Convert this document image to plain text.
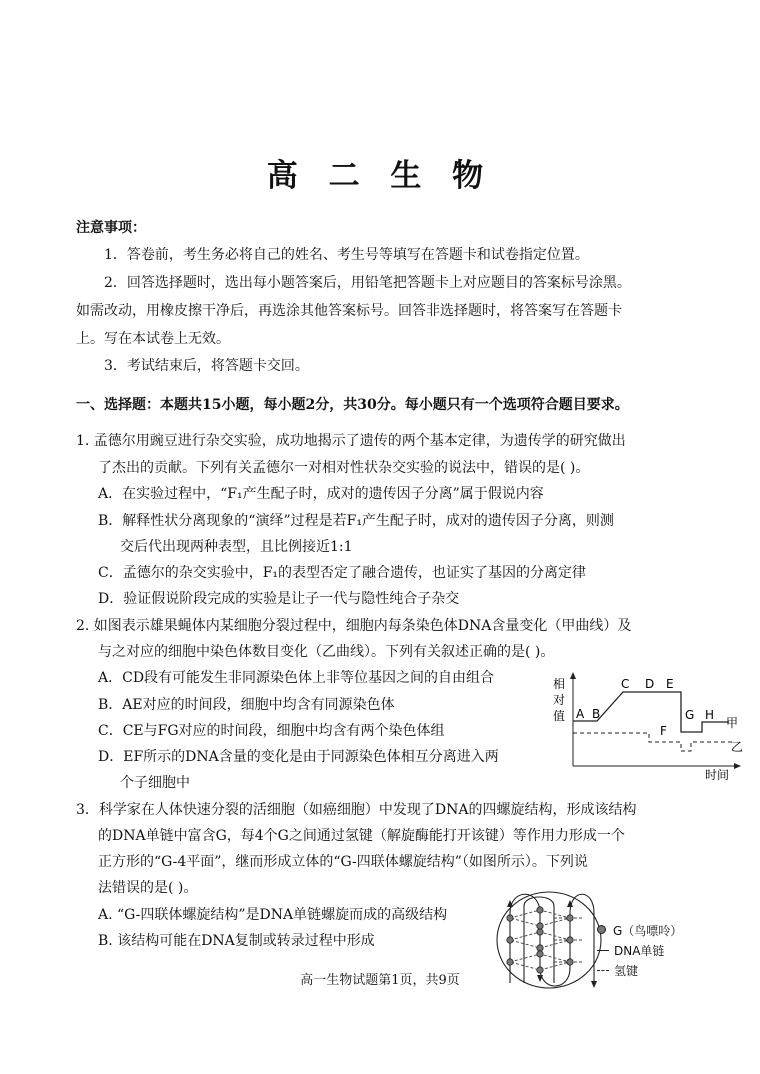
高 二 生 物
注意事项：
1．答卷前，考生务必将自己的姓名、考生号等填写在答题卡和试卷指定位置。
2．回答选择题时，选出每小题答案后，用铅笔把答题卡上对应题目的答案标号涂黑。
如需改动，用橡皮擦干净后，再选涂其他答案标号。回答非选择题时，将答案写在答题卡
上。写在本试卷上无效。
3．考试结束后，将答题卡交回。
一、选择题：本题共15小题，每小题2分，共30分。每小题只有一个选项符合题目要求。
1. 孟德尔用豌豆进行杂交实验，成功地揭示了遗传的两个基本定律，为遗传学的研究做出
了杰出的贡献。下列有关孟德尔一对相对性状杂交实验的说法中，错误的是( )。
A．在实验过程中，“F₁产生配子时，成对的遗传因子分离”属于假说内容
B．解释性状分离现象的“演绎”过程是若F₁产生配子时，成对的遗传因子分离，则测
交后代出现两种表型，且比例接近1:1
C．孟德尔的杂交实验中，F₁的表型否定了融合遗传，也证实了基因的分离定律
D．验证假说阶段完成的实验是让子一代与隐性纯合子杂交
2. 如图表示雄果蝇体内某细胞分裂过程中，细胞内每条染色体DNA含量变化（甲曲线）及
与之对应的细胞中染色体数目变化（乙曲线）。下列有关叙述正确的是( )。
A．CD段有可能发生非同源染色体上非等位基因之间的自由组合
B．AE对应的时间段，细胞中均含有同源染色体
C．CE与FG对应的时间段，细胞中均含有两个染色体组
D．EF所示的DNA含量的变化是由于同源染色体相互分离进入两
个子细胞中
相
对
值 A B
C D E
F
G H
甲
乙
时间
3．科学家在人体快速分裂的活细胞（如癌细胞）中发现了DNA的四螺旋结构，形成该结构
的DNA单链中富含G，每4个G之间通过氢键（解旋酶能打开该键）等作用力形成一个
正方形的“G-4平面”，继而形成立体的“G-四联体螺旋结构”（如图所示）。下列说
法错误的是( )。
A. “G-四联体螺旋结构”是DNA单链螺旋而成的高级结构
B. 该结构可能在DNA复制或转录过程中形成
G（鸟嘌呤）
DNA单链
氢键
高一生物试题第1页，共9页
